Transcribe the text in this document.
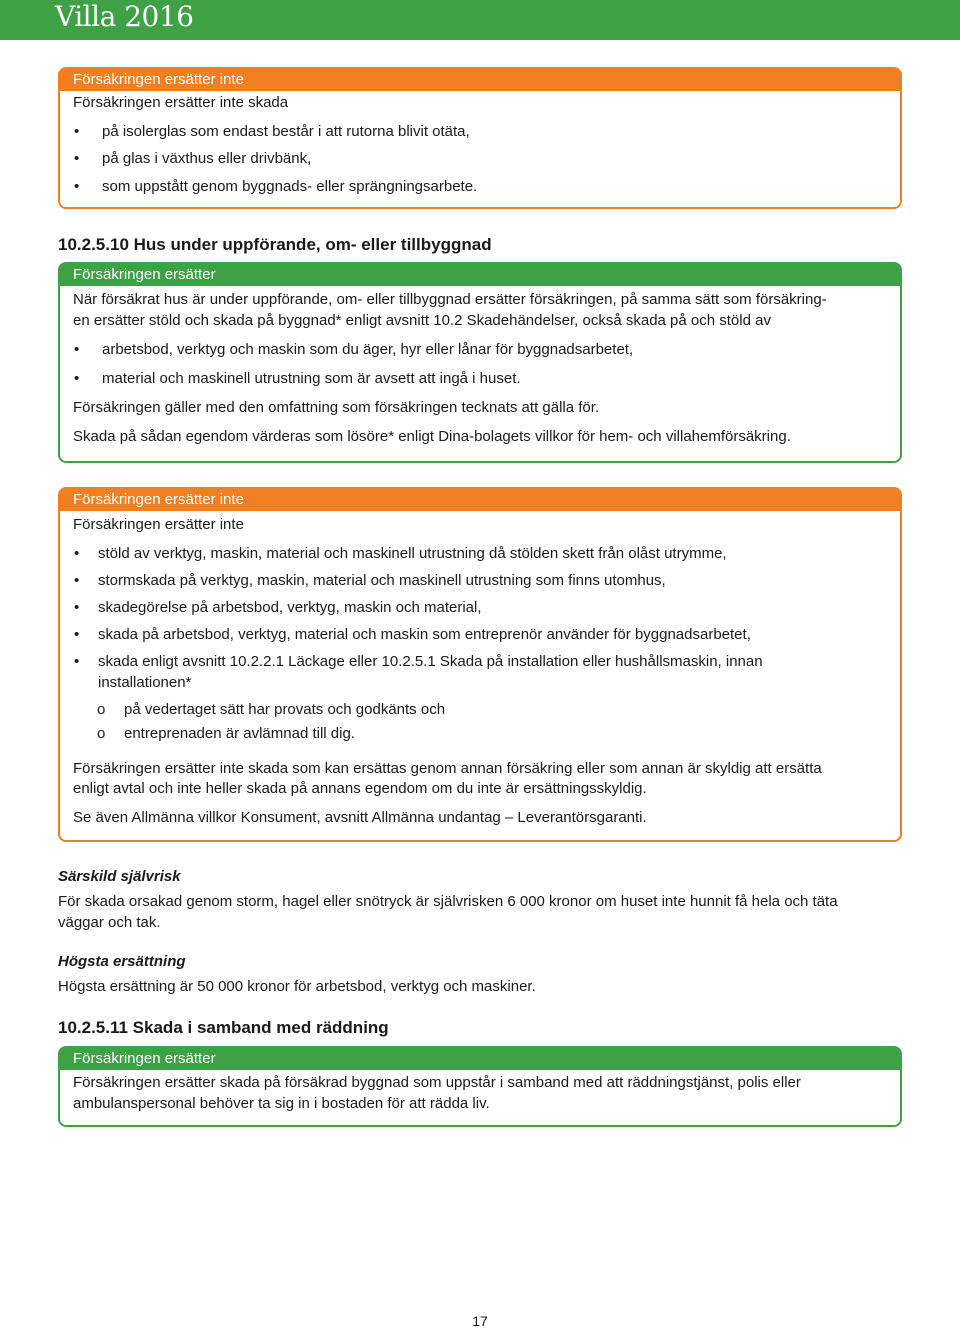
Villa 2016
Försäkringen ersätter inte
Försäkringen ersätter inte skada
• på isolerglas som endast består i att rutorna blivit otäta,
• på glas i växthus eller drivbänk,
• som uppstått genom byggnads- eller sprängningsarbete.
10.2.5.10 Hus under uppförande, om- eller tillbyggnad
Försäkringen ersätter
När försäkrat hus är under uppförande, om- eller tillbyggnad ersätter försäkringen, på samma sätt som försäkring-
en ersätter stöld och skada på byggnad* enligt avsnitt 10.2 Skadehändelser, också skada på och stöld av
• arbetsbod, verktyg och maskin som du äger, hyr eller lånar för byggnadsarbetet,
• material och maskinell utrustning som är avsett att ingå i huset.
Försäkringen gäller med den omfattning som försäkringen tecknats att gälla för.
Skada på sådan egendom värderas som lösöre* enligt Dina-bolagets villkor för hem- och villahemförsäkring.
Försäkringen ersätter inte
Försäkringen ersätter inte
• stöld av verktyg, maskin, material och maskinell utrustning då stölden skett från olåst utrymme,
• stormskada på verktyg, maskin, material och maskinell utrustning som finns utomhus,
• skadegörelse på arbetsbod, verktyg, maskin och material,
• skada på arbetsbod, verktyg, material och maskin som entreprenör använder för byggnadsarbetet,
• skada enligt avsnitt 10.2.2.1 Läckage eller 10.2.5.1 Skada på installation eller hushållsmaskin, innan
installationen*
o på vedertaget sätt har provats och godkänts och
o entreprenaden är avlämnad till dig.
Försäkringen ersätter inte skada som kan ersättas genom annan försäkring eller som annan är skyldig att ersätta
enligt avtal och inte heller skada på annans egendom om du inte är ersättningsskyldig.
Se även Allmänna villkor Konsument, avsnitt Allmänna undantag – Leverantörsgaranti.
Särskild självrisk
För skada orsakad genom storm, hagel eller snötryck är självrisken 6 000 kronor om huset inte hunnit få hela och täta
väggar och tak.
Högsta ersättning
Högsta ersättning är 50 000 kronor för arbetsbod, verktyg och maskiner.
10.2.5.11 Skada i samband med räddning
Försäkringen ersätter
Försäkringen ersätter skada på försäkrad byggnad som uppstår i samband med att räddningstjänst, polis eller
ambulanspersonal behöver ta sig in i bostaden för att rädda liv.
17
